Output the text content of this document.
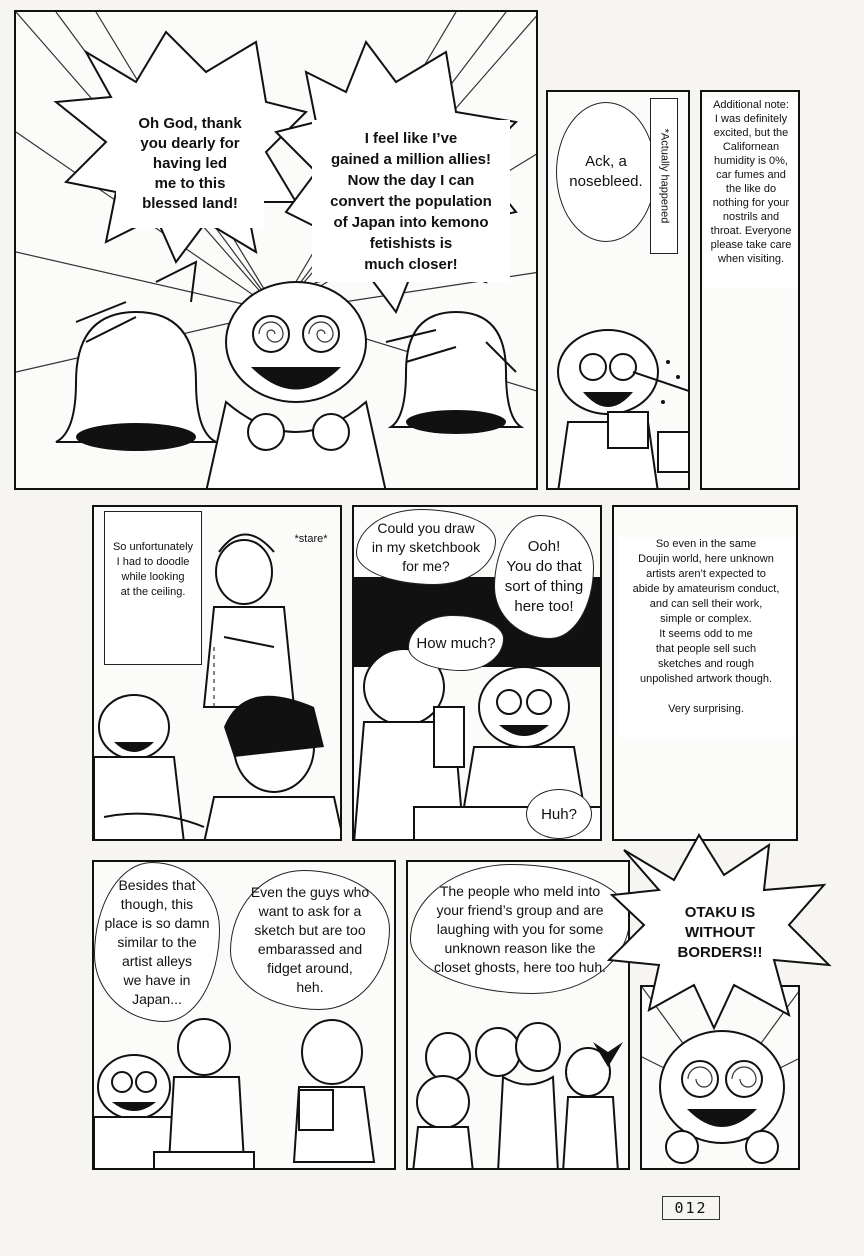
Oh God, thank
you dearly for
having led
me to this
blessed land!
I feel like I’ve
gained a million allies!
Now the day I can
convert the population
of Japan into kemono
fetishists is
much closer!
Ack, a
nosebleed.	*Actually happened
Additional note:
I was definitely
excited, but the
Californean
humidity is 0%,
car fumes and
the like do
nothing for your
nostrils and
throat. Everyone
please take care
when visiting.
So unfortunately
I had to doodle
while looking
at the ceiling.
*stare*
Could you draw
in my sketchbook
for me?
Ooh!
You do that
sort of thing
here too!
How much?
Huh?
So even in the same
Doujin world, here unknown
artists aren’t expected to
abide by amateurism conduct,
and can sell their work,
simple or complex.
It seems odd to me
that people sell such
sketches and rough
unpolished artwork though.

Very surprising.
Besides that
though, this
place is so damn
similar to the
artist alleys
we have in
Japan...
Even the guys who
want to ask for a
sketch but are too
embarassed and
fidget around,
heh.
The people who meld into
your friend’s group and are
laughing with you for some
unknown reason like the
closet ghosts, here too huh.
OTAKU IS
WITHOUT
BORDERS!!
012
